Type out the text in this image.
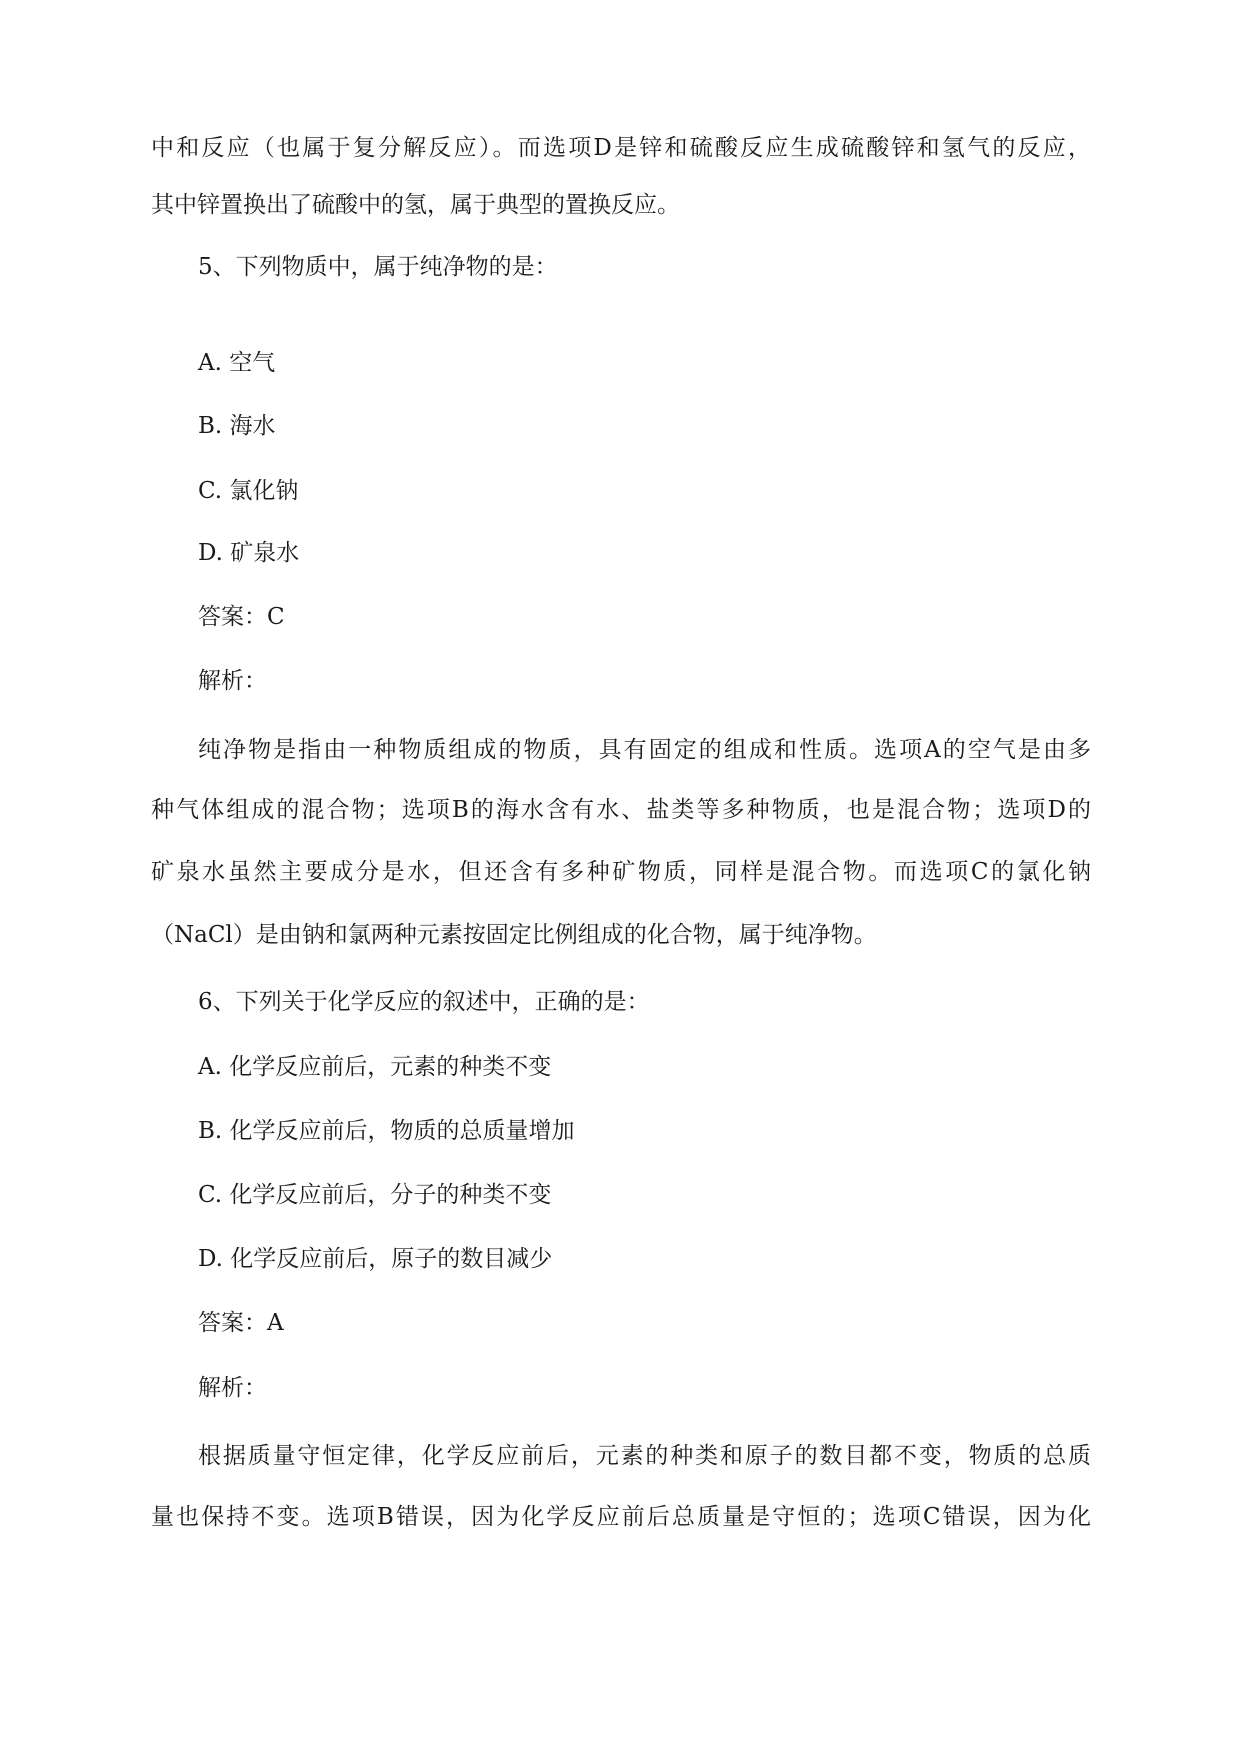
中和反应（也属于复分解反应）。而选项D是锌和硫酸反应生成硫酸锌和氢气的反应，
其中锌置换出了硫酸中的氢，属于典型的置换反应。
5、下列物质中，属于纯净物的是：
A. 空气
B. 海水
C. 氯化钠
D. 矿泉水
答案：C
解析：
纯净物是指由一种物质组成的物质，具有固定的组成和性质。选项A的空气是由多
种气体组成的混合物；选项B的海水含有水、盐类等多种物质，也是混合物；选项D的
矿泉水虽然主要成分是水，但还含有多种矿物质，同样是混合物。而选项C的氯化钠
（NaCl）是由钠和氯两种元素按固定比例组成的化合物，属于纯净物。
6、下列关于化学反应的叙述中，正确的是：
A. 化学反应前后，元素的种类不变
B. 化学反应前后，物质的总质量增加
C. 化学反应前后，分子的种类不变
D. 化学反应前后，原子的数目减少
答案：A
解析：
根据质量守恒定律，化学反应前后，元素的种类和原子的数目都不变，物质的总质
量也保持不变。选项B错误，因为化学反应前后总质量是守恒的；选项C错误，因为化
